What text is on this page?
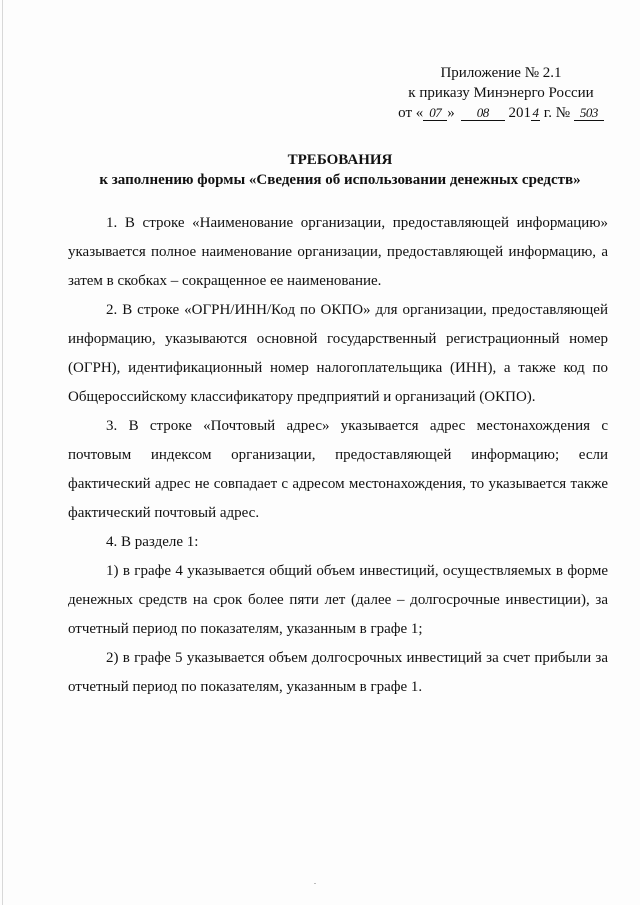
Приложение № 2.1
к приказу Минэнерго России
от « 07 » 08 201 4 г. № 503
ТРЕБОВАНИЯ
к заполнению формы «Сведения об использовании денежных средств»

1. В строке «Наименование организации, предоставляющей информацию» указывается полное наименование организации, предоставляющей информацию, а затем в скобках – сокращенное ее наименование.

2. В строке «ОГРН/ИНН/Код по ОКПО» для организации, предоставляющей информацию, указываются основной государственный регистрационный номер (ОГРН), идентификационный номер налогоплательщика (ИНН), а также код по Общероссийскому классификатору предприятий и организаций (ОКПО).

3. В строке «Почтовый адрес» указывается адрес местонахождения с почтовым индексом организации, предоставляющей информацию; если фактический адрес не совпадает с адресом местонахождения, то указывается также фактический почтовый адрес.

4. В разделе 1:

1) в графе 4 указывается общий объем инвестиций, осуществляемых в форме денежных средств на срок более пяти лет (далее – долгосрочные инвестиции), за отчетный период по показателям, указанным в графе 1;

2) в графе 5 указывается объем долгосрочных инвестиций за счет прибыли за отчетный период по показателям, указанным в графе 1.
